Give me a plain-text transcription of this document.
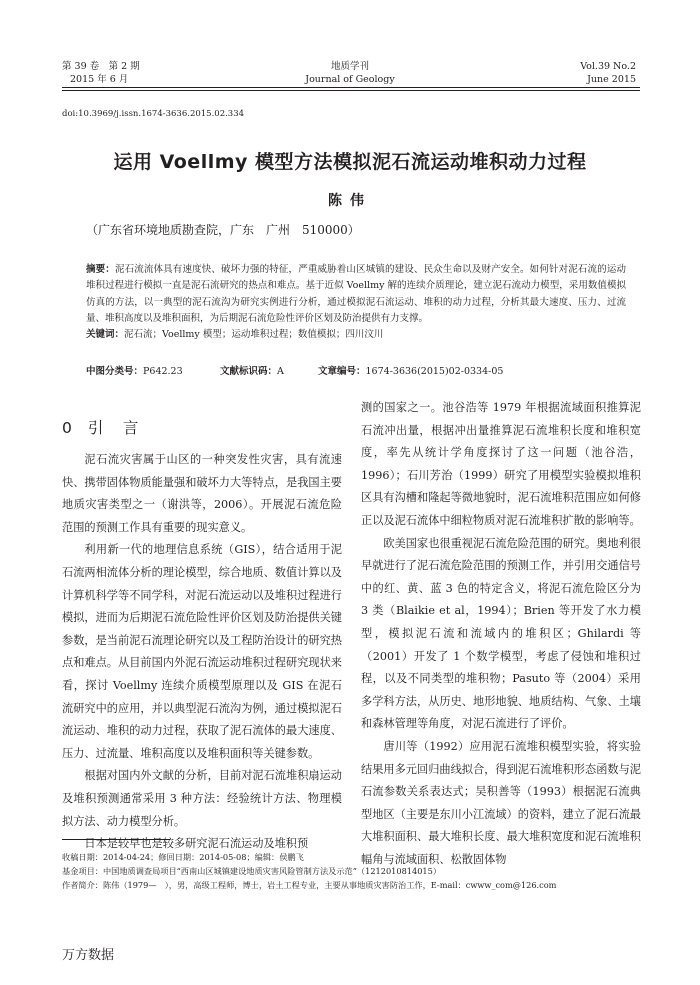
第 39 卷　第 2 期
2015 年 6 月
地质学刊
Journal of Geology
Vol.39 No.2
June 2015
doi:10.3969/j.issn.1674-3636.2015.02.334
运用 Voellmy 模型方法模拟泥石流运动堆积动力过程
陈伟
（广东省环境地质勘查院，广东　广州　510000）
摘要：泥石流流体具有速度快、破坏力强的特征，严重威胁着山区城镇的建设、民众生命以及财产安全。如何针对泥石流的运动堆积过程进行模拟一直是泥石流研究的热点和难点。基于近似 Voellmy 解的连续介质理论，建立泥石流动力模型，采用数值模拟仿真的方法，以一典型的泥石流沟为研究实例进行分析，通过模拟泥石流运动、堆积的动力过程，分析其最大速度、压力、过流量、堆积高度以及堆积面积，为后期泥石流危险性评价区划及防治提供有力支撑。
关键词：泥石流；Voellmy 模型；运动堆积过程；数值模拟；四川汶川
中图分类号：P642.23	文献标识码：A	文章编号：1674-3636(2015)02-0334-05
0 引　言

泥石流灾害属于山区的一种突发性灾害，具有流速快、携带固体物质能量强和破坏力大等特点，是我国主要地质灾害类型之一（谢洪等，2006）。开展泥石流危险范围的预测工作具有重要的现实意义。

利用新一代的地理信息系统（GIS），结合适用于泥石流两相流体分析的理论模型，综合地质、数值计算以及计算机科学等不同学科，对泥石流运动以及堆积过程进行模拟，进而为后期泥石流危险性评价区划及防治提供关键参数，是当前泥石流理论研究以及工程防治设计的研究热点和难点。从目前国内外泥石流运动堆积过程研究现状来看，探讨 Voellmy 连续介质模型原理以及 GIS 在泥石流研究中的应用，并以典型泥石流沟为例，通过模拟泥石流运动、堆积的动力过程，获取了泥石流体的最大速度、压力、过流量、堆积高度以及堆积面积等关键参数。

根据对国内外文献的分析，目前对泥石流堆积扇运动及堆积预测通常采用 3 种方法：经验统计方法、物理模拟方法、动力模型分析。

日本是较早也是较多研究泥石流运动及堆积预

测的国家之一。池谷浩等 1979 年根据流域面积推算泥石流冲出量，根据冲出量推算泥石流堆积长度和堆积宽度，率先从统计学角度探讨了这一问题（池谷浩，1996）；石川芳治（1999）研究了用模型实验模拟堆积区具有沟槽和隆起等微地貌时，泥石流堆积范围应如何修正以及泥石流体中细粒物质对泥石流堆积扩散的影响等。

欧美国家也很重视泥石流危险范围的研究。奥地利很早就进行了泥石流危险范围的预测工作，并引用交通信号中的红、黄、蓝 3 色的特定含义，将泥石流危险区分为 3 类（Blaikie et al，1994）；Brien 等开发了水力模型，模拟泥石流和流域内的堆积区；Ghilardi 等（2001）开发了 1 个数学模型，考虑了侵蚀和堆积过程，以及不同类型的堆积物；Pasuto 等（2004）采用多学科方法，从历史、地形地貌、地质结构、气象、土壤和森林管理等角度，对泥石流进行了评价。

唐川等（1992）应用泥石流堆积模型实验，将实验结果用多元回归曲线拟合，得到泥石流堆积形态函数与泥石流参数关系表达式；吴积善等（1993）根据泥石流典型地区（主要是东川小江流域）的资料，建立了泥石流最大堆积面积、最大堆积长度、最大堆积宽度和泥石流堆积幅角与流域面积、松散固体物

收稿日期：2014-04-24；修回日期：2014-05-08；编辑：侯鹏飞
基金项目：中国地质调查局项目“西南山区城镇建设地质灾害风险管制方法及示范”（1212010814015）
作者简介：陈伟（1979—　），男，高级工程师，博士，岩土工程专业，主要从事地质灾害防治工作，E-mail：cwww_com@126.com
万方数据
